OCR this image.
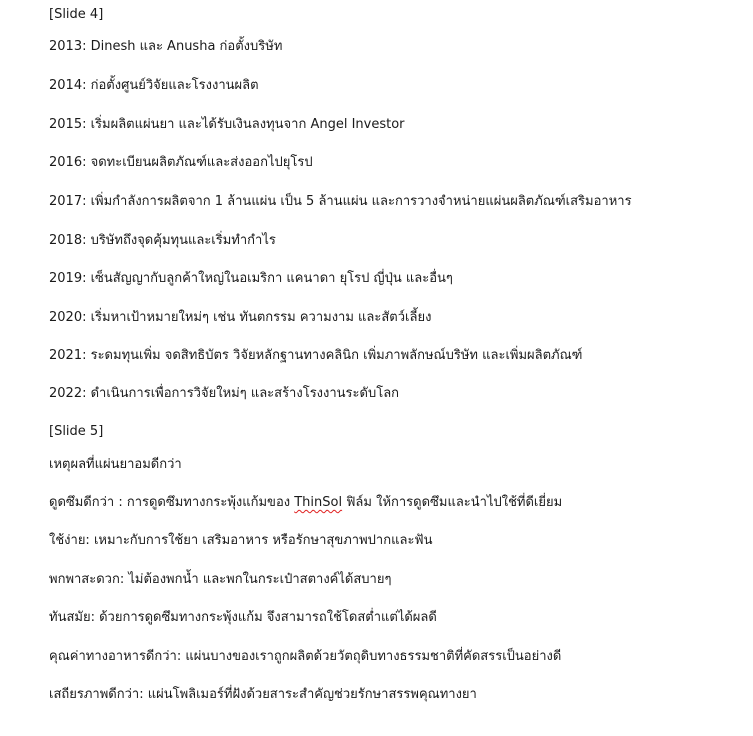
[Slide 4]
2013: Dinesh และ Anusha ก่อตั้งบริษัท
2014: ก่อตั้งศูนย์วิจัยและโรงงานผลิต
2015: เริ่มผลิตแผ่นยา และได้รับเงินลงทุนจาก Angel Investor
2016: จดทะเบียนผลิตภัณฑ์และส่งออกไปยุโรป
2017: เพิ่มกำลังการผลิตจาก 1 ล้านแผ่น เป็น 5 ล้านแผ่น และการวางจำหน่ายแผ่นผลิตภัณฑ์เสริมอาหาร
2018: บริษัทถึงจุดคุ้มทุนและเริ่มทำกำไร
2019: เซ็นสัญญากับลูกค้าใหญ่ในอเมริกา แคนาดา ยุโรป ญี่ปุ่น และอื่นๆ
2020: เริ่มหาเป้าหมายใหม่ๆ เช่น ทันตกรรม ความงาม และสัตว์เลี้ยง
2021: ระดมทุนเพิ่ม จดสิทธิบัตร วิจัยหลักฐานทางคลินิก เพิ่มภาพลักษณ์บริษัท และเพิ่มผลิตภัณฑ์
2022: ดำเนินการเพื่อการวิจัยใหม่ๆ และสร้างโรงงานระดับโลก
[Slide 5]
เหตุผลที่แผ่นยาอมดีกว่า
ดูดซึมดีกว่า : การดูดซึมทางกระพุ้งแก้มของ ThinSol ฟิล์ม ให้การดูดซึมและนำไปใช้ที่ดีเยี่ยม
ใช้ง่าย: เหมาะกับการใช้ยา เสริมอาหาร หรือรักษาสุขภาพปากและฟัน
พกพาสะดวก: ไม่ต้องพกน้ำ และพกในกระเป๋าสตางค์ได้สบายๆ
ทันสมัย: ด้วยการดูดซึมทางกระพุ้งแก้ม จึงสามารถใช้โดสต่ำแต่ได้ผลดี
คุณค่าทางอาหารดีกว่า: แผ่นบางของเราถูกผลิตด้วยวัตถุดิบทางธรรมชาติที่คัดสรรเป็นอย่างดี
เสถียรภาพดีกว่า: แผ่นโพลิเมอร์ที่ฝังด้วยสาระสำคัญช่วยรักษาสรรพคุณทางยา
